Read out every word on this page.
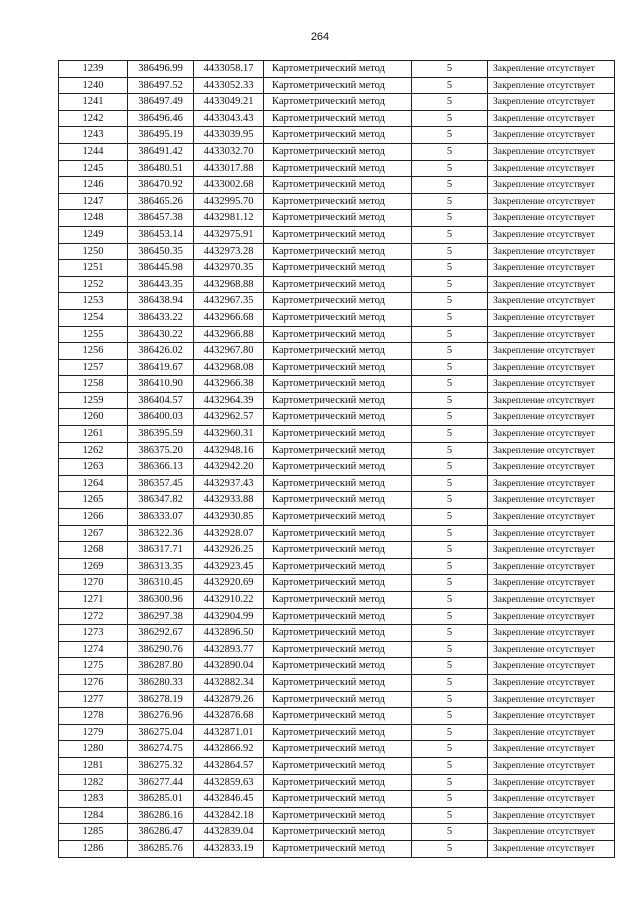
264
1239	386496.99	4433058.17	Картометрический метод	5	Закрепление отсутствует
1240	386497.52	4433052.33	Картометрический метод	5	Закрепление отсутствует
1241	386497.49	4433049.21	Картометрический метод	5	Закрепление отсутствует
1242	386496.46	4433043.43	Картометрический метод	5	Закрепление отсутствует
1243	386495.19	4433039.95	Картометрический метод	5	Закрепление отсутствует
1244	386491.42	4433032.70	Картометрический метод	5	Закрепление отсутствует
1245	386480.51	4433017.88	Картометрический метод	5	Закрепление отсутствует
1246	386470.92	4433002.68	Картометрический метод	5	Закрепление отсутствует
1247	386465.26	4432995.70	Картометрический метод	5	Закрепление отсутствует
1248	386457.38	4432981.12	Картометрический метод	5	Закрепление отсутствует
1249	386453.14	4432975.91	Картометрический метод	5	Закрепление отсутствует
1250	386450.35	4432973.28	Картометрический метод	5	Закрепление отсутствует
1251	386445.98	4432970.35	Картометрический метод	5	Закрепление отсутствует
1252	386443.35	4432968.88	Картометрический метод	5	Закрепление отсутствует
1253	386438.94	4432967.35	Картометрический метод	5	Закрепление отсутствует
1254	386433.22	4432966.68	Картометрический метод	5	Закрепление отсутствует
1255	386430.22	4432966.88	Картометрический метод	5	Закрепление отсутствует
1256	386426.02	4432967.80	Картометрический метод	5	Закрепление отсутствует
1257	386419.67	4432968.08	Картометрический метод	5	Закрепление отсутствует
1258	386410.90	4432966.38	Картометрический метод	5	Закрепление отсутствует
1259	386404.57	4432964.39	Картометрический метод	5	Закрепление отсутствует
1260	386400.03	4432962.57	Картометрический метод	5	Закрепление отсутствует
1261	386395.59	4432960.31	Картометрический метод	5	Закрепление отсутствует
1262	386375.20	4432948.16	Картометрический метод	5	Закрепление отсутствует
1263	386366.13	4432942.20	Картометрический метод	5	Закрепление отсутствует
1264	386357.45	4432937.43	Картометрический метод	5	Закрепление отсутствует
1265	386347.82	4432933.88	Картометрический метод	5	Закрепление отсутствует
1266	386333.07	4432930.85	Картометрический метод	5	Закрепление отсутствует
1267	386322.36	4432928.07	Картометрический метод	5	Закрепление отсутствует
1268	386317.71	4432926.25	Картометрический метод	5	Закрепление отсутствует
1269	386313.35	4432923.45	Картометрический метод	5	Закрепление отсутствует
1270	386310.45	4432920.69	Картометрический метод	5	Закрепление отсутствует
1271	386300.96	4432910.22	Картометрический метод	5	Закрепление отсутствует
1272	386297.38	4432904.99	Картометрический метод	5	Закрепление отсутствует
1273	386292.67	4432896.50	Картометрический метод	5	Закрепление отсутствует
1274	386290.76	4432893.77	Картометрический метод	5	Закрепление отсутствует
1275	386287.80	4432890.04	Картометрический метод	5	Закрепление отсутствует
1276	386280.33	4432882.34	Картометрический метод	5	Закрепление отсутствует
1277	386278.19	4432879.26	Картометрический метод	5	Закрепление отсутствует
1278	386276.96	4432876.68	Картометрический метод	5	Закрепление отсутствует
1279	386275.04	4432871.01	Картометрический метод	5	Закрепление отсутствует
1280	386274.75	4432866.92	Картометрический метод	5	Закрепление отсутствует
1281	386275.32	4432864.57	Картометрический метод	5	Закрепление отсутствует
1282	386277.44	4432859.63	Картометрический метод	5	Закрепление отсутствует
1283	386285.01	4432846.45	Картометрический метод	5	Закрепление отсутствует
1284	386286.16	4432842.18	Картометрический метод	5	Закрепление отсутствует
1285	386286.47	4432839.04	Картометрический метод	5	Закрепление отсутствует
1286	386285.76	4432833.19	Картометрический метод	5	Закрепление отсутствует
